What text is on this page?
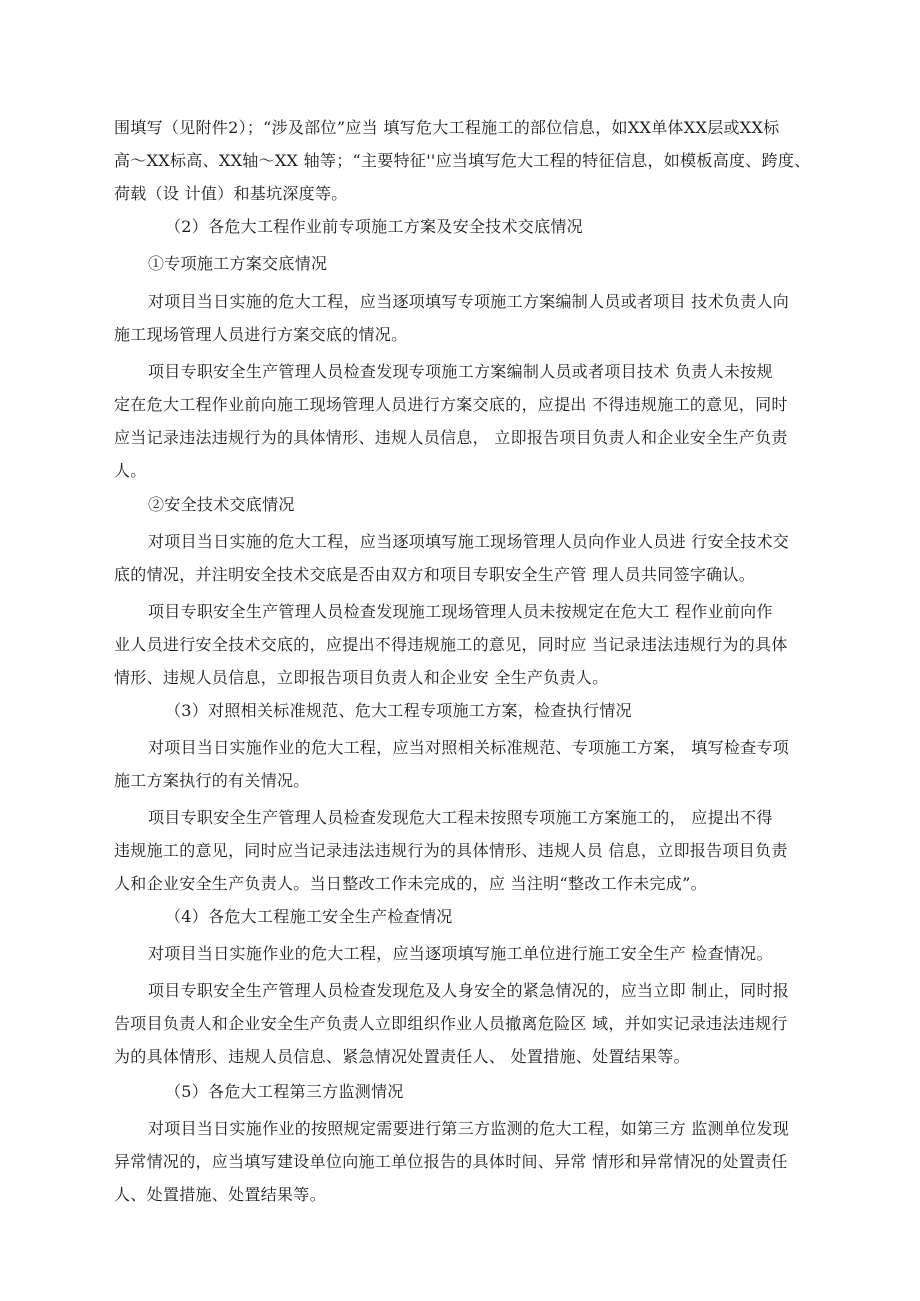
围填写（见附件2）；“涉及部位”应当 填写危大工程施工的部位信息，如XX单体XX层或XX标
高～XX标高、XX轴～XX 轴等；“主要特征''应当填写危大工程的特征信息，如模板高度、跨度、
荷载（设 计值）和基坑深度等。
（2）各危大工程作业前专项施工方案及安全技术交底情况
①专项施工方案交底情况
对项目当日实施的危大工程，应当逐项填写专项施工方案编制人员或者项目 技术负责人向
施工现场管理人员进行方案交底的情况。
项目专职安全生产管理人员检查发现专项施工方案编制人员或者项目技术 负责人未按规
定在危大工程作业前向施工现场管理人员进行方案交底的，应提出 不得违规施工的意见，同时
应当记录违法违规行为的具体情形、违规人员信息， 立即报告项目负责人和企业安全生产负责
人。
②安全技术交底情况
对项目当日实施的危大工程，应当逐项填写施工现场管理人员向作业人员进 行安全技术交
底的情况，并注明安全技术交底是否由双方和项目专职安全生产管 理人员共同签字确认。
项目专职安全生产管理人员检查发现施工现场管理人员未按规定在危大工 程作业前向作
业人员进行安全技术交底的，应提出不得违规施工的意见，同时应 当记录违法违规行为的具体
情形、违规人员信息，立即报告项目负责人和企业安 全生产负责人。
（3）对照相关标准规范、危大工程专项施工方案，检查执行情况
对项目当日实施作业的危大工程，应当对照相关标准规范、专项施工方案， 填写检查专项
施工方案执行的有关情况。
项目专职安全生产管理人员检查发现危大工程未按照专项施工方案施工的， 应提出不得
违规施工的意见，同时应当记录违法违规行为的具体情形、违规人员 信息，立即报告项目负责
人和企业安全生产负责人。当日整改工作未完成的，应 当注明“整改工作未完成”。
（4）各危大工程施工安全生产检查情况
对项目当日实施作业的危大工程，应当逐项填写施工单位进行施工安全生产 检查情况。
项目专职安全生产管理人员检查发现危及人身安全的紧急情况的，应当立即 制止，同时报
告项目负责人和企业安全生产负责人立即组织作业人员撤离危险区 域，并如实记录违法违规行
为的具体情形、违规人员信息、紧急情况处置责任人、 处置措施、处置结果等。
（5）各危大工程第三方监测情况
对项目当日实施作业的按照规定需要进行第三方监测的危大工程，如第三方 监测单位发现
异常情况的，应当填写建设单位向施工单位报告的具体时间、异常 情形和异常情况的处置责任
人、处置措施、处置结果等。
